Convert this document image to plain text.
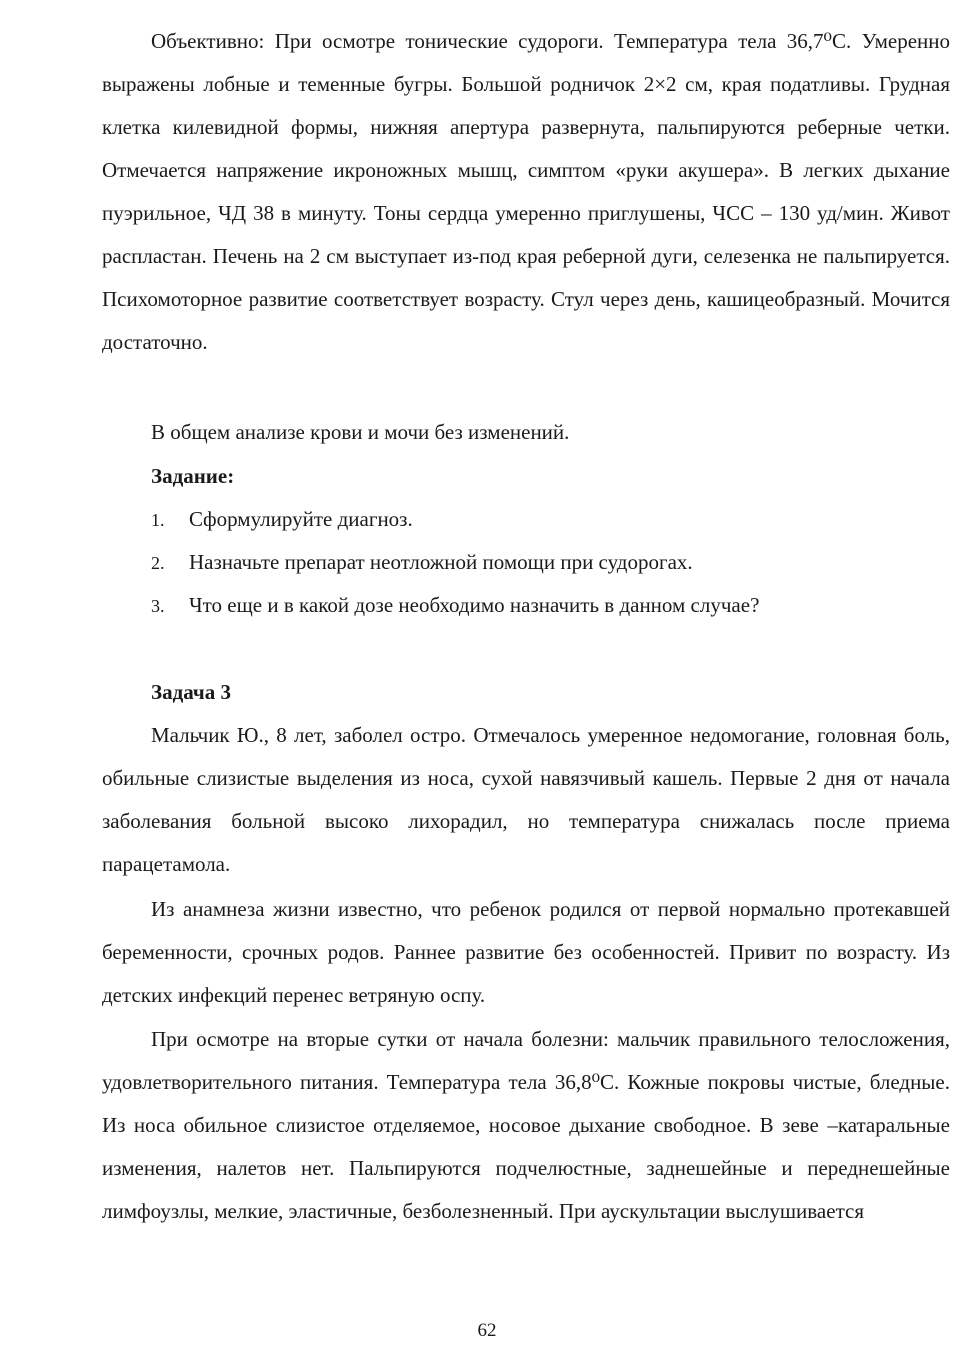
Объективно: При осмотре тонические судороги. Температура тела 36,7⁰С. Умеренно выражены лобные и теменные бугры. Большой родничок 2×2 см, края податливы. Грудная клетка килевидной формы, нижняя апертура развернута, пальпируются реберные четки. Отмечается напряжение икроножных мышц, симптом «руки акушера». В легких дыхание пуэрильное, ЧД 38 в минуту. Тоны сердца умеренно приглушены, ЧСС – 130 уд/мин. Живот распластан. Печень на 2 см выступает из-под края реберной дуги, селезенка не пальпируется. Психомоторное развитие соответствует возрасту. Стул через день, кашицеобразный. Мочится достаточно.

В общем анализе крови и мочи без изменений.
Задание:
1. Сформулируйте диагноз.
2. Назначьте препарат неотложной помощи при судорогах.
3. Что еще и в какой дозе необходимо назначить в данном случае?
Задача 3

Мальчик Ю., 8 лет, заболел остро. Отмечалось умеренное недомогание, головная боль, обильные слизистые выделения из носа, сухой навязчивый кашель. Первые 2 дня от начала заболевания больной высоко лихорадил, но температура снижалась после приема парацетамола.

Из анамнеза жизни известно, что ребенок родился от первой нормально протекавшей беременности, срочных родов. Раннее развитие без особенностей. Привит по возрасту. Из детских инфекций перенес ветряную оспу.

При осмотре на вторые сутки от начала болезни: мальчик правильного телосложения, удовлетворительного питания. Температура тела 36,8⁰С. Кожные покровы чистые, бледные. Из носа обильное слизистое отделяемое, носовое дыхание свободное. В зеве –катаральные изменения, налетов нет. Пальпируются подчелюстные, заднешейные и переднешейные лимфоузлы, мелкие, эластичные, безболезненный. При аускультации выслушивается

62
